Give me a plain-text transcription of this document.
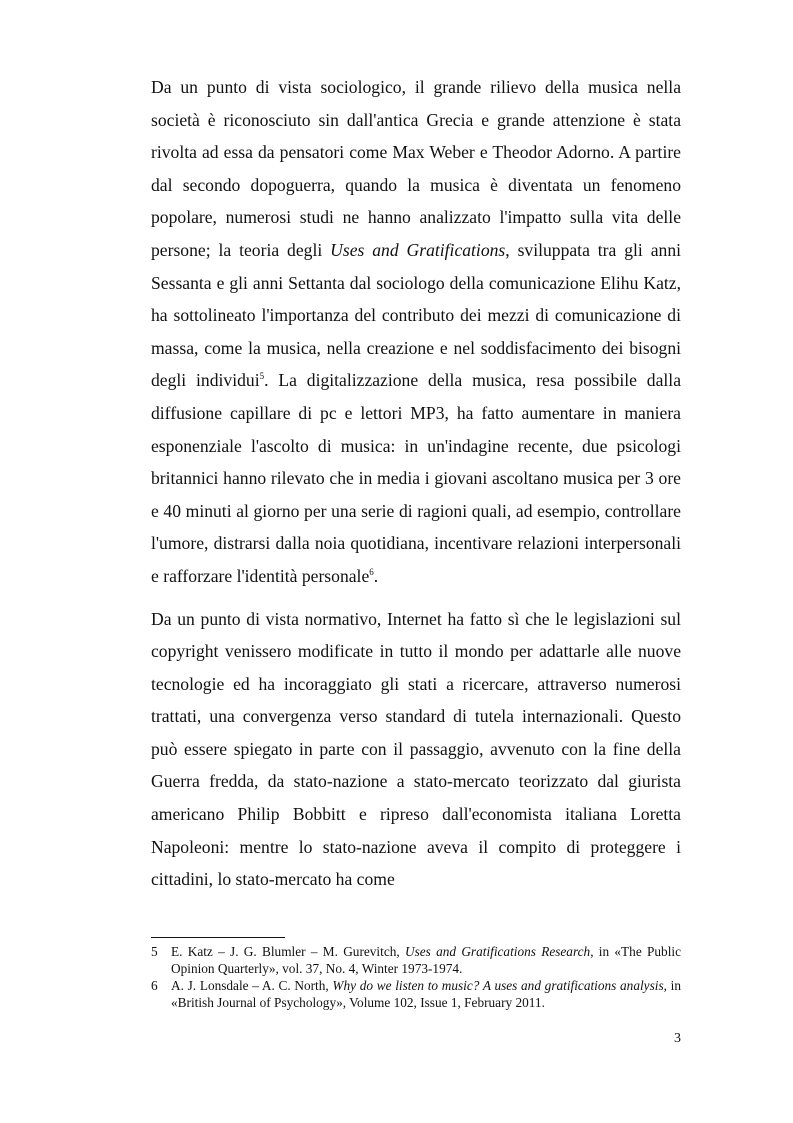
Da un punto di vista sociologico, il grande rilievo della musica nella società è riconosciuto sin dall'antica Grecia e grande attenzione è stata rivolta ad essa da pensatori come Max Weber e Theodor Adorno. A partire dal secondo dopoguerra, quando la musica è diventata un fenomeno popolare, numerosi studi ne hanno analizzato l'impatto sulla vita delle persone; la teoria degli Uses and Gratifications, sviluppata tra gli anni Sessanta e gli anni Settanta dal sociologo della comunicazione Elihu Katz, ha sottolineato l'importanza del contributo dei mezzi di comunicazione di massa, come la musica, nella creazione e nel soddisfacimento dei bisogni degli individui$^5$. La digitalizzazione della musica, resa possibile dalla diffusione capillare di pc e lettori MP3, ha fatto aumentare in maniera esponenziale l'ascolto di musica: in un'indagine recente, due psicologi britannici hanno rilevato che in media i giovani ascoltano musica per 3 ore e 40 minuti al giorno per una serie di ragioni quali, ad esempio, controllare l'umore, distrarsi dalla noia quotidiana, incentivare relazioni interpersonali e rafforzare l'identità personale$^6$.

Da un punto di vista normativo, Internet ha fatto sì che le legislazioni sul copyright venissero modificate in tutto il mondo per adattarle alle nuove tecnologie ed ha incoraggiato gli stati a ricercare, attraverso numerosi trattati, una convergenza verso standard di tutela internazionali. Questo può essere spiegato in parte con il passaggio, avvenuto con la fine della Guerra fredda, da stato-nazione a stato-mercato teorizzato dal giurista americano Philip Bobbitt e ripreso dall'economista italiana Loretta Napoleoni: mentre lo stato-nazione aveva il compito di proteggere i cittadini, lo stato-mercato ha come

5	E. Katz – J. G. Blumler – M. Gurevitch, Uses and Gratifications Research, in «The Public Opinion Quarterly», vol. 37, No. 4, Winter 1973-1974.
6	A. J. Lonsdale – A. C. North, Why do we listen to music? A uses and gratifications analysis, in «British Journal of Psychology», Volume 102, Issue 1, February 2011.
3
